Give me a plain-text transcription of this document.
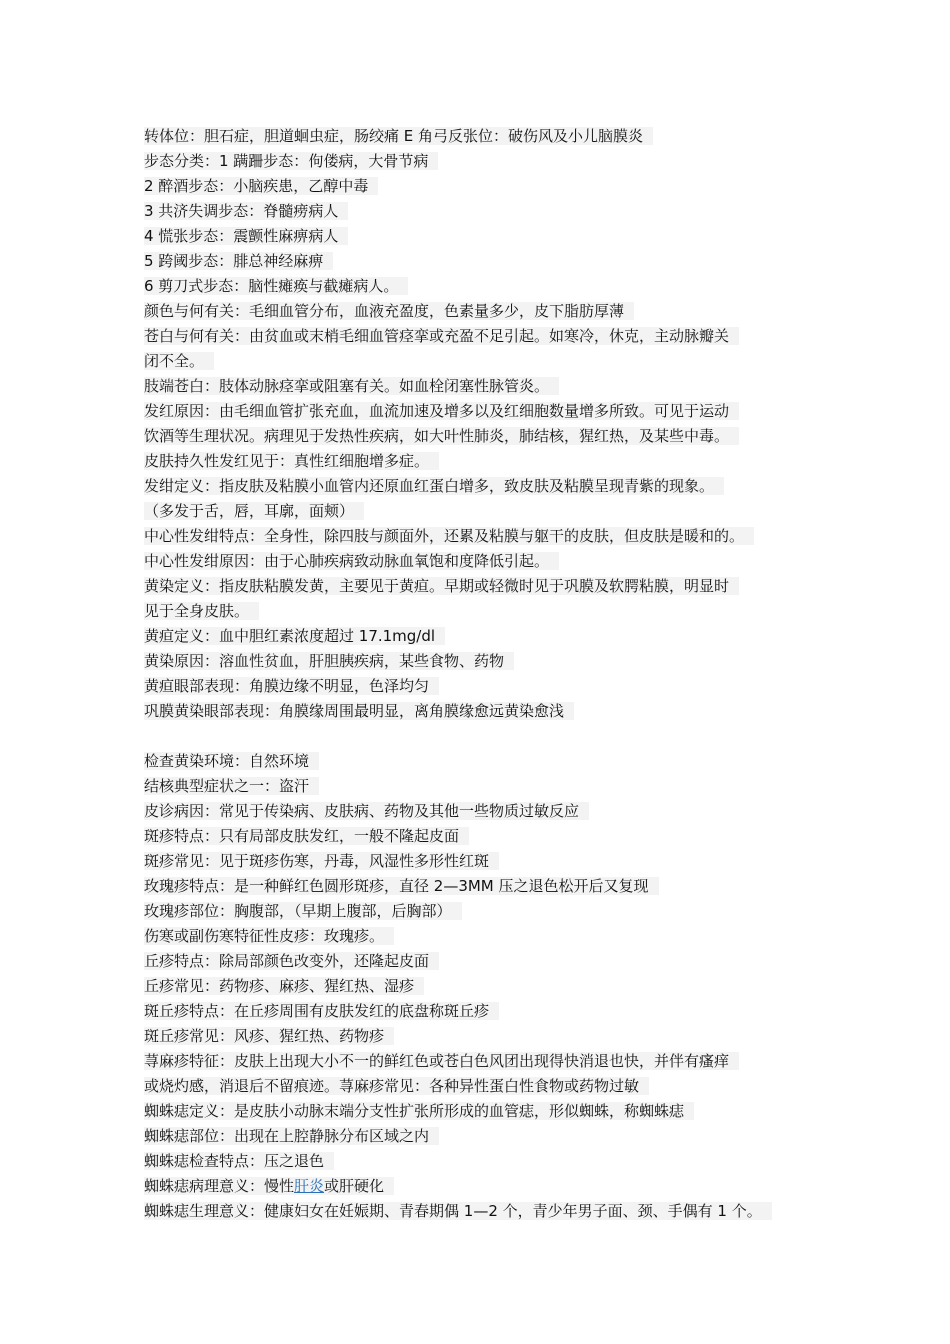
转体位：胆石症，胆道蛔虫症，肠绞痛 E 角弓反张位：破伤风及小儿脑膜炎
步态分类：1 蹒跚步态：佝偻病，大骨节病
2 醉酒步态：小脑疾患，乙醇中毒
3 共济失调步态：脊髓痨病人
4 慌张步态：震颤性麻痹病人
5 跨阈步态：腓总神经麻痹
6 剪刀式步态：脑性瘫痪与截瘫病人。
颜色与何有关：毛细血管分布，血液充盈度，色素量多少，皮下脂肪厚薄
苍白与何有关：由贫血或末梢毛细血管痉挛或充盈不足引起。如寒冷，休克，主动脉瓣关
闭不全。
肢端苍白：肢体动脉痉挛或阻塞有关。如血栓闭塞性脉管炎。
发红原因：由毛细血管扩张充血，血流加速及增多以及红细胞数量增多所致。可见于运动
饮酒等生理状况。病理见于发热性疾病，如大叶性肺炎，肺结核，猩红热，及某些中毒。
皮肤持久性发红见于：真性红细胞增多症。
发绀定义：指皮肤及粘膜小血管内还原血红蛋白增多，致皮肤及粘膜呈现青紫的现象。
（多发于舌，唇，耳廓，面颊）
中心性发绀特点：全身性，除四肢与颜面外，还累及粘膜与躯干的皮肤，但皮肤是暖和的。
中心性发绀原因：由于心肺疾病致动脉血氧饱和度降低引起。
黄染定义：指皮肤粘膜发黄，主要见于黄疸。早期或轻微时见于巩膜及软腭粘膜，明显时
见于全身皮肤。
黄疸定义：血中胆红素浓度超过 17.1mg/dl
黄染原因：溶血性贫血，肝胆胰疾病，某些食物、药物
黄疸眼部表现：角膜边缘不明显，色泽均匀
巩膜黄染眼部表现：角膜缘周围最明显，离角膜缘愈远黄染愈浅
检查黄染环境：自然环境
结核典型症状之一：盗汗
皮诊病因：常见于传染病、皮肤病、药物及其他一些物质过敏反应
斑疹特点：只有局部皮肤发红，一般不隆起皮面
斑疹常见：见于斑疹伤寒，丹毒，风湿性多形性红斑
玫瑰疹特点：是一种鲜红色圆形斑疹，直径 2—3MM 压之退色松开后又复现
玫瑰疹部位：胸腹部，（早期上腹部，后胸部）
伤寒或副伤寒特征性皮疹：玫瑰疹。
丘疹特点：除局部颜色改变外，还隆起皮面
丘疹常见：药物疹、麻疹、猩红热、湿疹
斑丘疹特点：在丘疹周围有皮肤发红的底盘称斑丘疹
斑丘疹常见：风疹、猩红热、药物疹
荨麻疹特征：皮肤上出现大小不一的鲜红色或苍白色风团出现得快消退也快，并伴有瘙痒
或烧灼感，消退后不留痕迹。荨麻疹常见：各种异性蛋白性食物或药物过敏
蜘蛛痣定义：是皮肤小动脉末端分支性扩张所形成的血管痣，形似蜘蛛，称蜘蛛痣
蜘蛛痣部位：出现在上腔静脉分布区域之内
蜘蛛痣检查特点：压之退色
蜘蛛痣病理意义：慢性肝炎或肝硬化
蜘蛛痣生理意义：健康妇女在妊娠期、青春期偶 1—2 个，青少年男子面、颈、手偶有 1 个。
